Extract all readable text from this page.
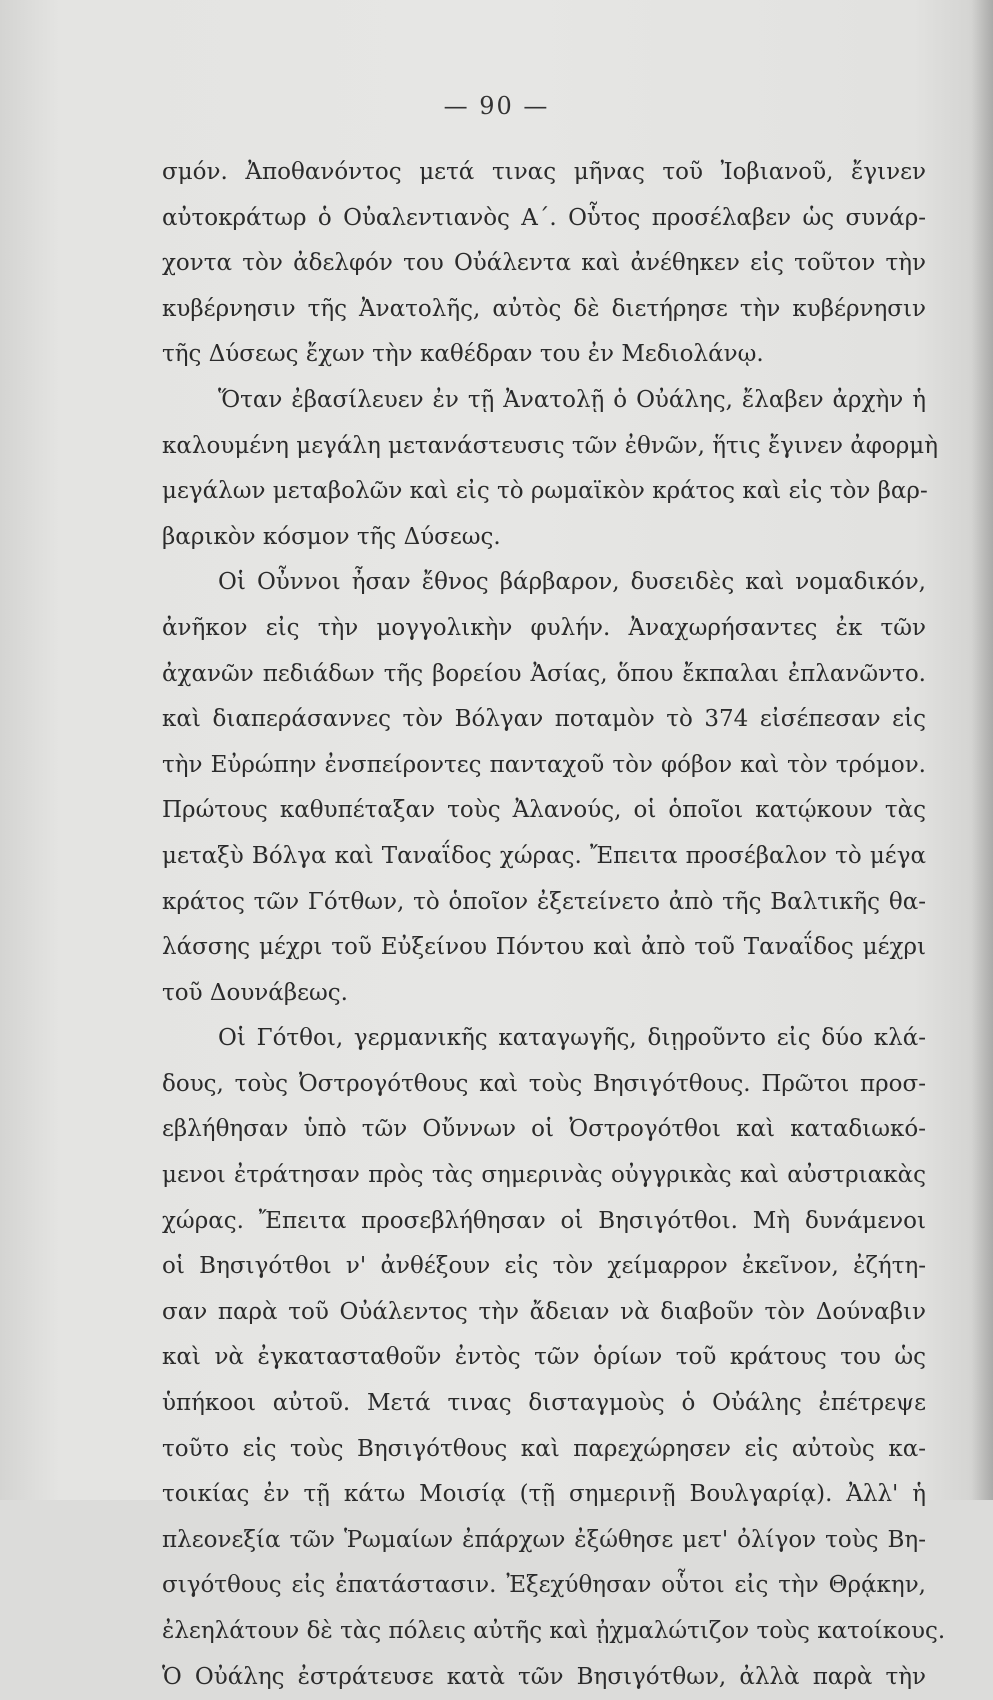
— 90 —
σμόν. Ἀποθανόντος μετά τινας μῆνας τοῦ Ἰοβιανοῦ, ἔγινεν
αὐτοκράτωρ ὁ Οὐαλεντιανὸς Α΄. Οὗτος προσέλαβεν ὡς συνάρ-
χοντα τὸν ἀδελφόν του Οὐάλεντα καὶ ἀνέθηκεν εἰς τοῦτον τὴν
κυβέρνησιν τῆς Ἀνατολῆς, αὐτὸς δὲ διετήρησε τὴν κυβέρνησιν
τῆς Δύσεως ἔχων τὴν καθέδραν του ἐν Μεδιολάνῳ.
Ὅταν ἐβασίλευεν ἐν τῇ Ἀνατολῇ ὁ Οὐάλης, ἔλαβεν ἀρχὴν ἡ
καλουμένη μεγάλη μετανάστευσις τῶν ἐθνῶν, ἥτις ἔγινεν ἀφορμὴ
μεγάλων μεταβολῶν καὶ εἰς τὸ ρωμαϊκὸν κράτος καὶ εἰς τὸν βαρ-
βαρικὸν κόσμον τῆς Δύσεως.
Οἱ Οὖννοι ἦσαν ἔθνος βάρβαρον, δυσειδὲς καὶ νομαδικόν,
ἀνῆκον εἰς τὴν μογγολικὴν φυλήν. Ἀναχωρήσαντες ἐκ τῶν
ἀχανῶν πεδιάδων τῆς βορείου Ἀσίας, ὅπου ἔκπαλαι ἐπλανῶντο.
καὶ διαπεράσαννες τὸν Βόλγαν ποταμὸν τὸ 374 εἰσέπεσαν εἰς
τὴν Εὐρώπην ἐνσπείροντες πανταχοῦ τὸν φόβον καὶ τὸν τρόμον.
Πρώτους καθυπέταξαν τοὺς Ἀλανούς, οἱ ὁποῖοι κατῴκουν τὰς
μεταξὺ Βόλγα καὶ Ταναΐδος χώρας. Ἔπειτα προσέβαλον τὸ μέγα
κράτος τῶν Γότθων, τὸ ὁποῖον ἐξετείνετο ἀπὸ τῆς Βαλτικῆς θα-
λάσσης μέχρι τοῦ Εὐξείνου Πόντου καὶ ἀπὸ τοῦ Ταναΐδος μέχρι
τοῦ Δουνάβεως.
Οἱ Γότθοι, γερμανικῆς καταγωγῆς, διῃροῦντο εἰς δύο κλά-
δους, τοὺς Ὀστρογότθους καὶ τοὺς Βησιγότθους. Πρῶτοι προσ-
εβλήθησαν ὑπὸ τῶν Οὔννων οἱ Ὀστρογότθοι καὶ καταδιωκό-
μενοι ἐτράτησαν πρὸς τὰς σημερινὰς οὐγγρικὰς καὶ αὐστριακὰς
χώρας. Ἔπειτα προσεβλήθησαν οἱ Βησιγότθοι. Μὴ δυνάμενοι
οἱ Βησιγότθοι ν' ἀνθέξουν εἰς τὸν χείμαρρον ἐκεῖνον, ἐζήτη-
σαν παρὰ τοῦ Οὐάλεντος τὴν ἄδειαν νὰ διαβοῦν τὸν Δούναβιν
καὶ νὰ ἐγκατασταθοῦν ἐντὸς τῶν ὁρίων τοῦ κράτους του ὡς
ὑπήκοοι αὐτοῦ. Μετά τινας δισταγμοὺς ὁ Οὐάλης ἐπέτρεψε
τοῦτο εἰς τοὺς Βησιγότθους καὶ παρεχώρησεν εἰς αὐτοὺς κα-
τοικίας ἐν τῇ κάτω Μοισίᾳ (τῇ σημερινῇ Βουλγαρίᾳ). Ἀλλ' ἡ
πλεονεξία τῶν Ῥωμαίων ἐπάρχων ἐξώθησε μετ' ὀλίγον τοὺς Βη-
σιγότθους εἰς ἐπατάστασιν. Ἐξεχύθησαν οὗτοι εἰς τὴν Θρᾴκην,
ἐλεηλάτουν δὲ τὰς πόλεις αὐτῆς καὶ ᾐχμαλώτιζον τοὺς κατοίκους.
Ὁ Οὐάλης ἐστράτευσε κατὰ τῶν Βησιγότθων, ἀλλὰ παρὰ τὴν
